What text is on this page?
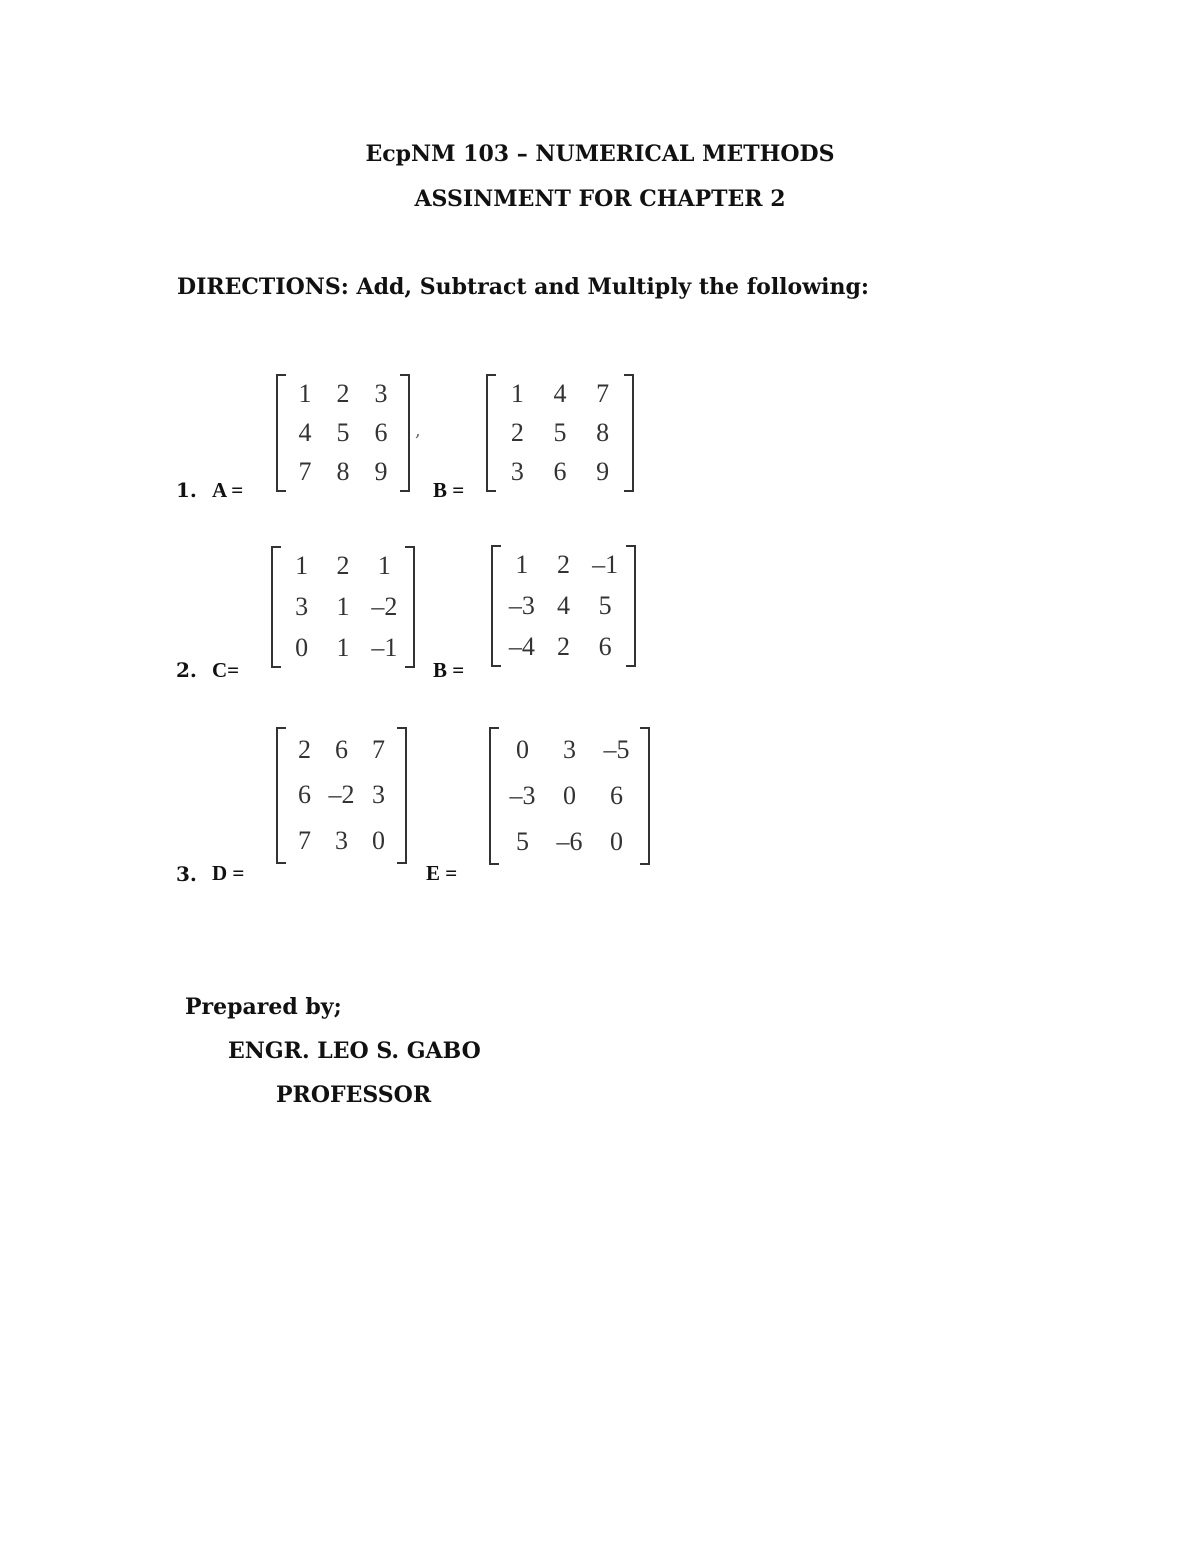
EcpNM 103 – NUMERICAL METHODS
ASSINMENT FOR CHAPTER 2
DIRECTIONS: Add, Subtract and Multiply the following:
1. A =
1 2 3
4 5 6
7 8 9
,
B =
1 4 7
2 5 8
3 6 9
2. C=
1 2 1
3 1 –2
0 1 –1
B =
1 2 –1
–3 4 5
–4 2 6
3. D =
2 6 7
6 –2 3
7 3 0
E =
0 3 –5
–3 0 6
5 –6 0
Prepared by;
ENGR. LEO S. GABO
PROFESSOR
